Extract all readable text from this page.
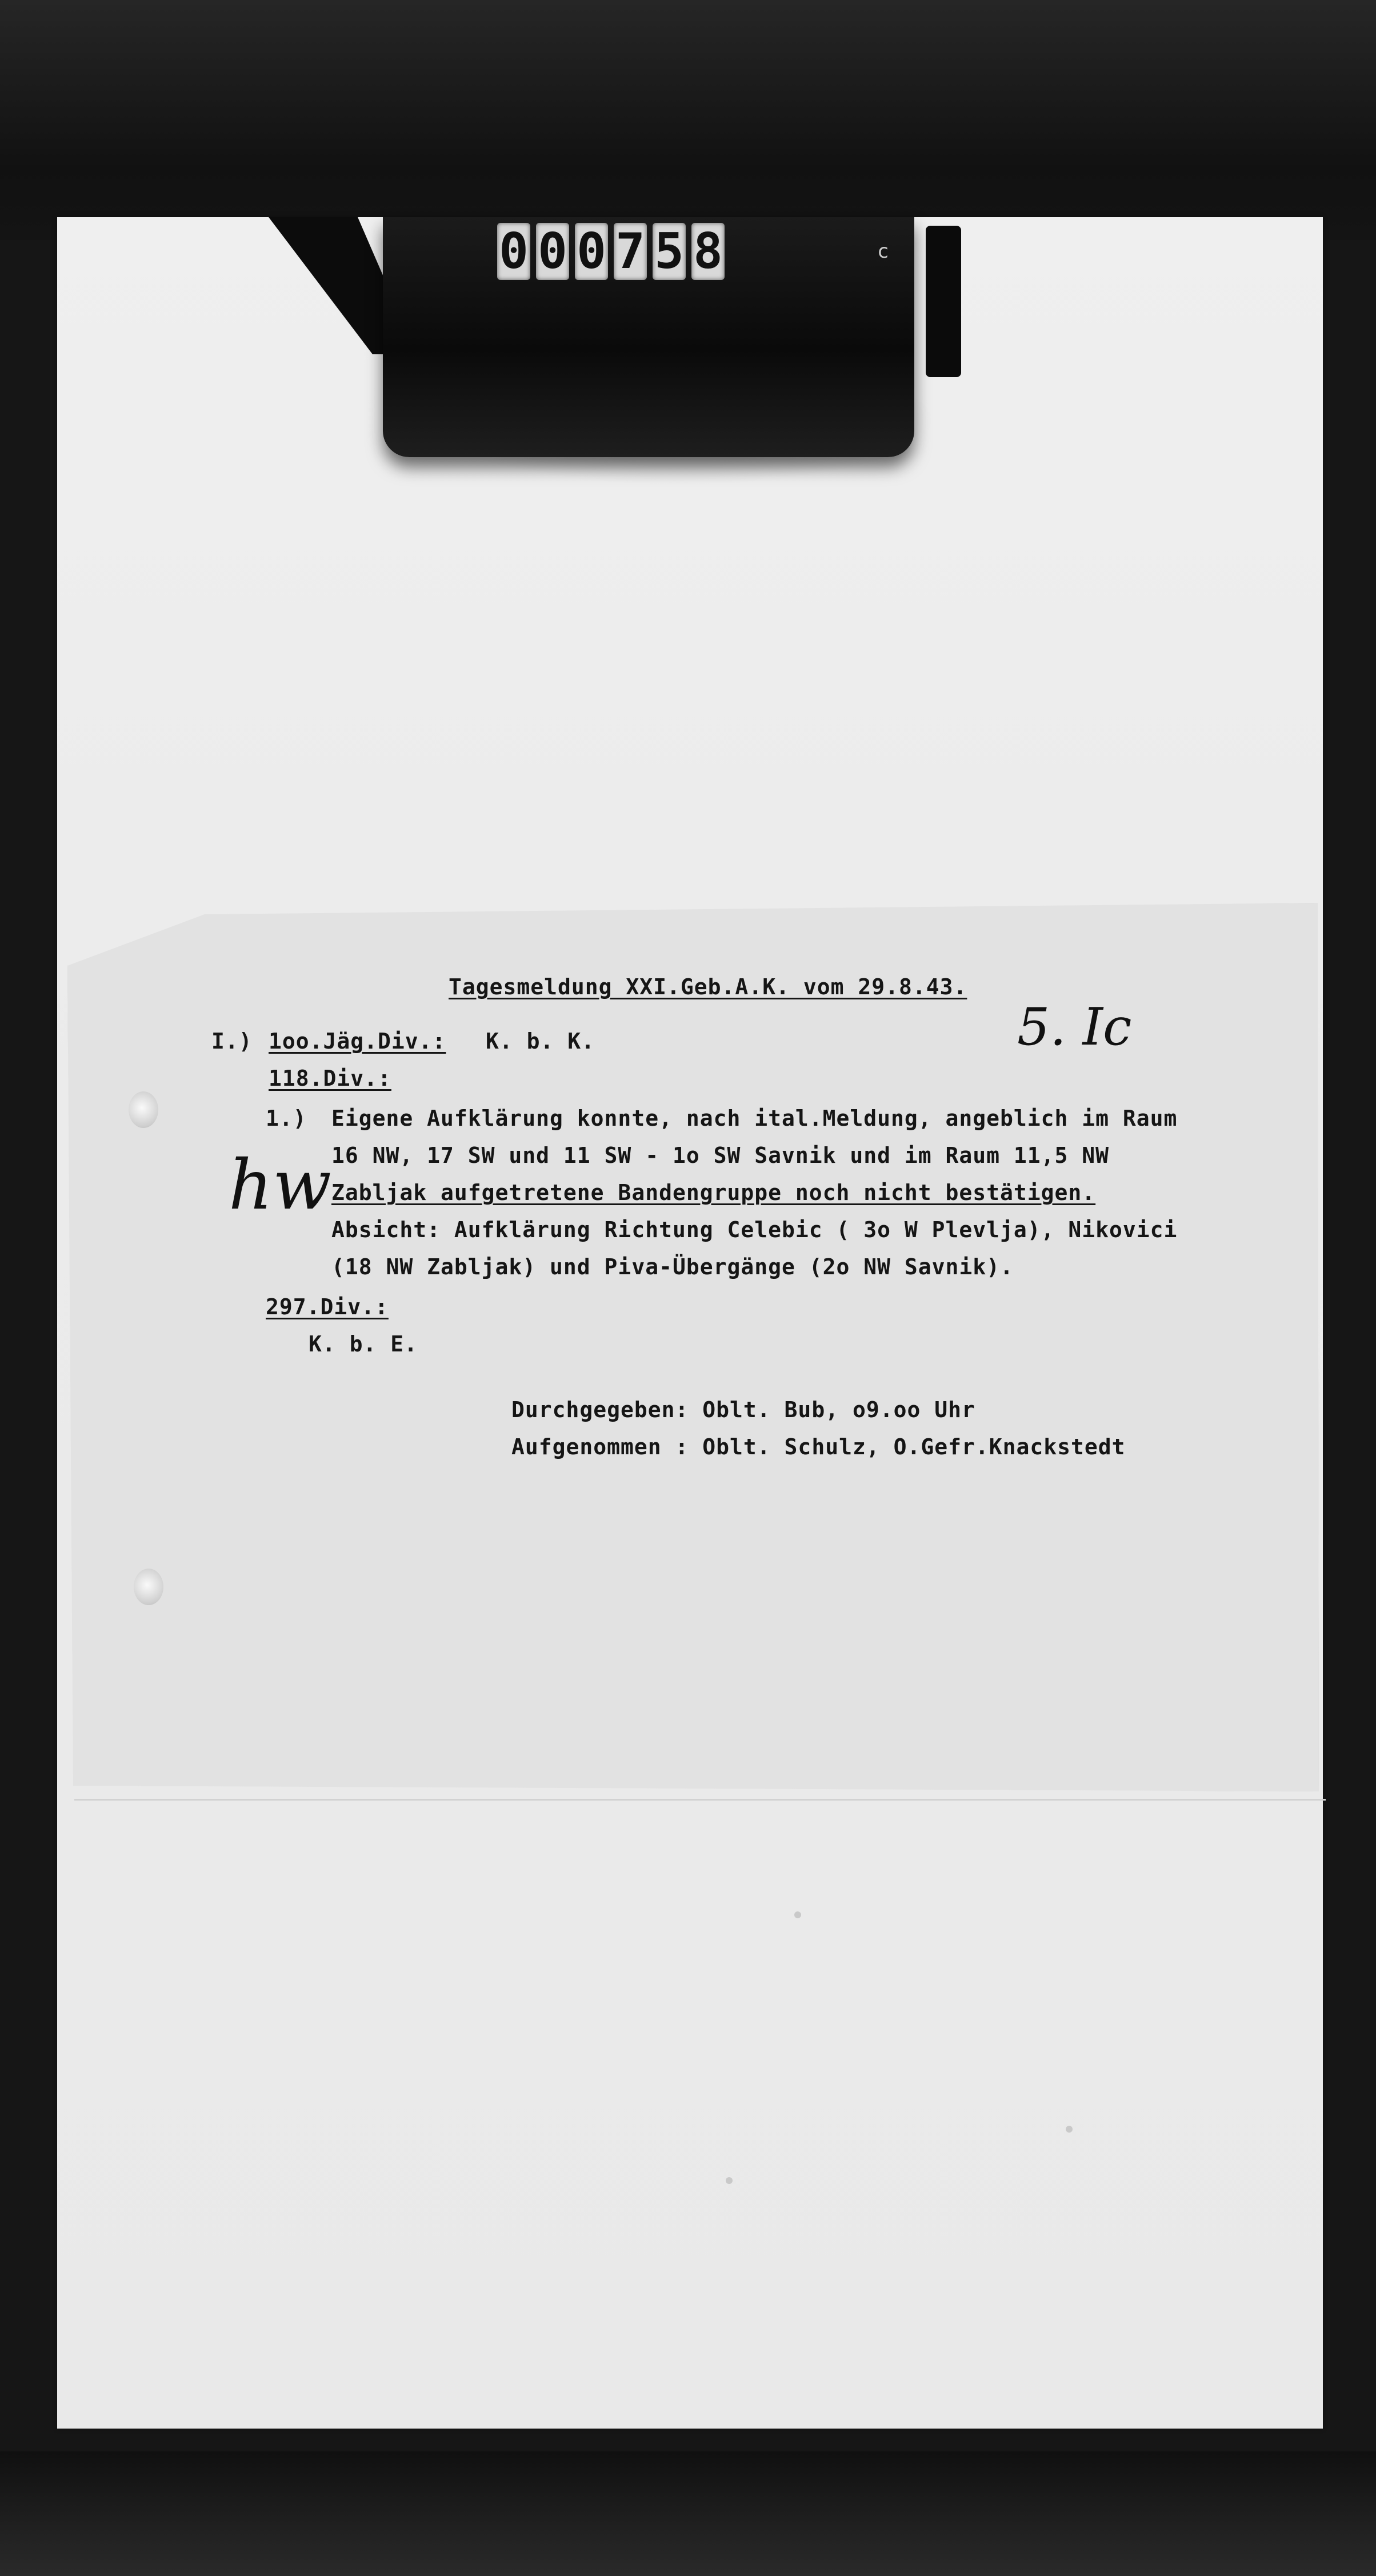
0 0 0 7 5 8	c
Tagesmeldung XXI.Geb.A.K. vom 29.8.43.
5. Ic
I.) 1oo.Jäg.Div.: K. b. K.
118.Div.:
1.) Eigene Aufklärung konnte, nach ital.Meldung, angeblich im Raum
16 NW, 17 SW und 11 SW - 1o SW Savnik und im Raum 11,5 NW
Zabljak aufgetretene Bandengruppe noch nicht bestätigen.
Absicht: Aufklärung Richtung Celebic ( 3o W Plevlja), Nikovici
(18 NW Zabljak) und Piva-Übergänge (2o NW Savnik).
hw
297.Div.:
K. b. E.
Durchgegeben: Oblt. Bub, o9.oo Uhr
Aufgenommen : Oblt. Schulz, O.Gefr.Knackstedt
